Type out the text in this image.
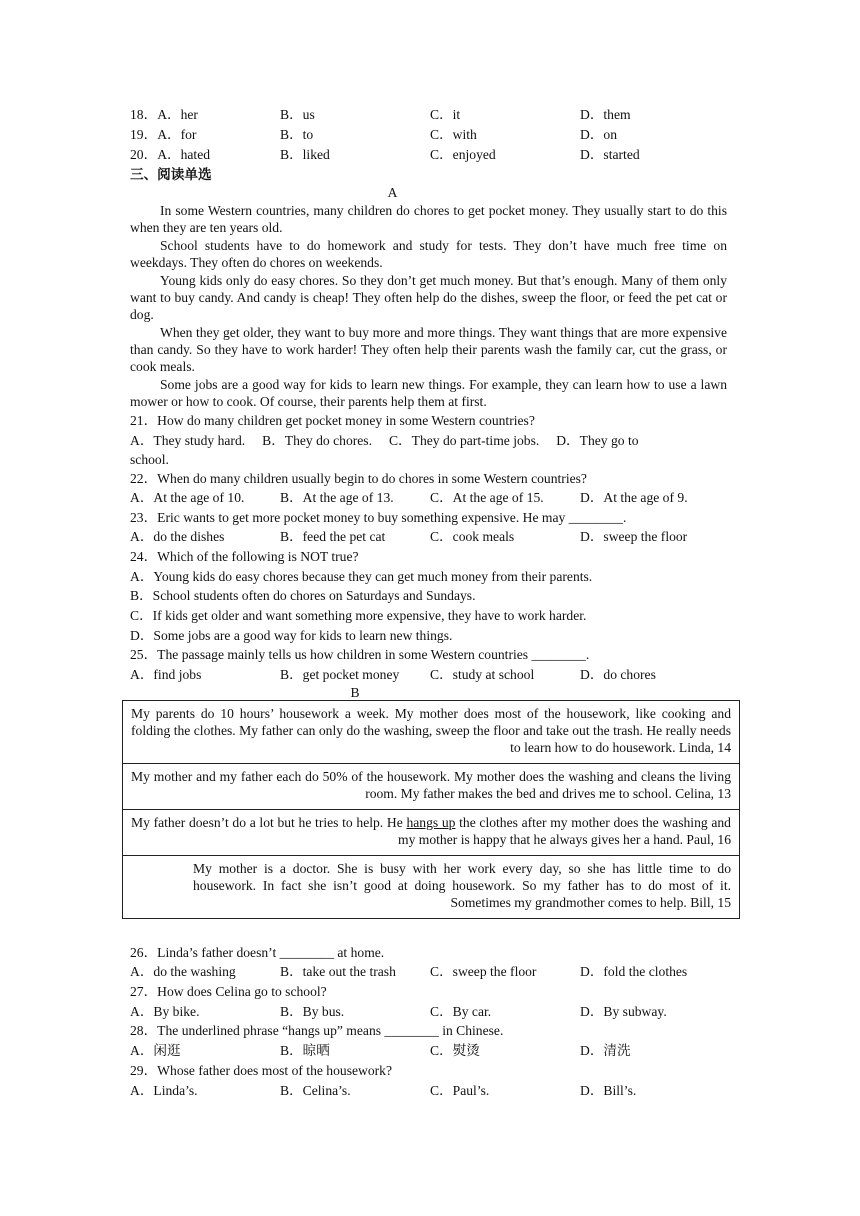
18．A．her	B．us	C．it	D．them
19．A．for	B．to	C．with	D．on
20．A．hated	B．liked	C．enjoyed	D．started
三、阅读单选
A
In some Western countries, many children do chores to get pocket money. They usually start to do this when they are ten years old.
School students have to do homework and study for tests. They don’t have much free time on weekdays. They often do chores on weekends.
Young kids only do easy chores. So they don’t get much money. But that’s enough. Many of them only want to buy candy. And candy is cheap! They often help do the dishes, sweep the floor, or feed the pet cat or dog.
When they get older, they want to buy more and more things. They want things that are more expensive than candy. So they have to work harder! They often help their parents wash the family car, cut the grass, or cook meals.
Some jobs are a good way for kids to learn new things. For example, they can learn how to use a lawn mower or how to cook. Of course, their parents help them at first.
21．How do many children get pocket money in some Western countries?
A．They study hard.　 B．They do chores.　 C．They do part-time jobs.　 D．They go to
school.
22．When do many children usually begin to do chores in some Western countries?
A．At the age of 10.	B．At the age of 13.	C．At the age of 15.	D．At the age of 9.
23．Eric wants to get more pocket money to buy something expensive. He may ________.
A．do the dishes	B．feed the pet cat	C．cook meals	D．sweep the floor
24．Which of the following is NOT true?
A．Young kids do easy chores because they can get much money from their parents.
B．School students often do chores on Saturdays and Sundays.
C．If kids get older and want something more expensive, they have to work harder.
D．Some jobs are a good way for kids to learn new things.
25．The passage mainly tells us how children in some Western countries ________.
A．find jobs	B．get pocket money C．study at school	D．do chores
B
My parents do 10 hours’ housework a week. My mother does most of the housework, like cooking and folding the clothes. My father can only do the washing, sweep the floor and take out the trash. He really needs to learn how to do housework. Linda, 14
My mother and my father each do 50% of the housework. My mother does the washing and cleans the living room. My father makes the bed and drives me to school. Celina, 13
My father doesn’t do a lot but he tries to help. He hangs up the clothes after my mother does the washing and my mother is happy that he always gives her a hand. Paul, 16
My mother is a doctor. She is busy with her work every day, so she has little time to do housework. In fact she isn’t good at doing housework. So my father has to do most of it. Sometimes my grandmother comes to help. Bill, 15
26．Linda’s father doesn’t ________ at home.
A．do the washing	B．take out the trash	C．sweep the floor	D．fold the clothes
27．How does Celina go to school?
A．By bike.	B．By bus.	C．By car.	D．By subway.
28．The underlined phrase “hangs up” means ________ in Chinese.
A．闲逛	B．晾晒	C．熨烫	D．清洗
29．Whose father does most of the housework?
A．Linda’s.	B．Celina’s.	C．Paul’s.	D．Bill’s.
